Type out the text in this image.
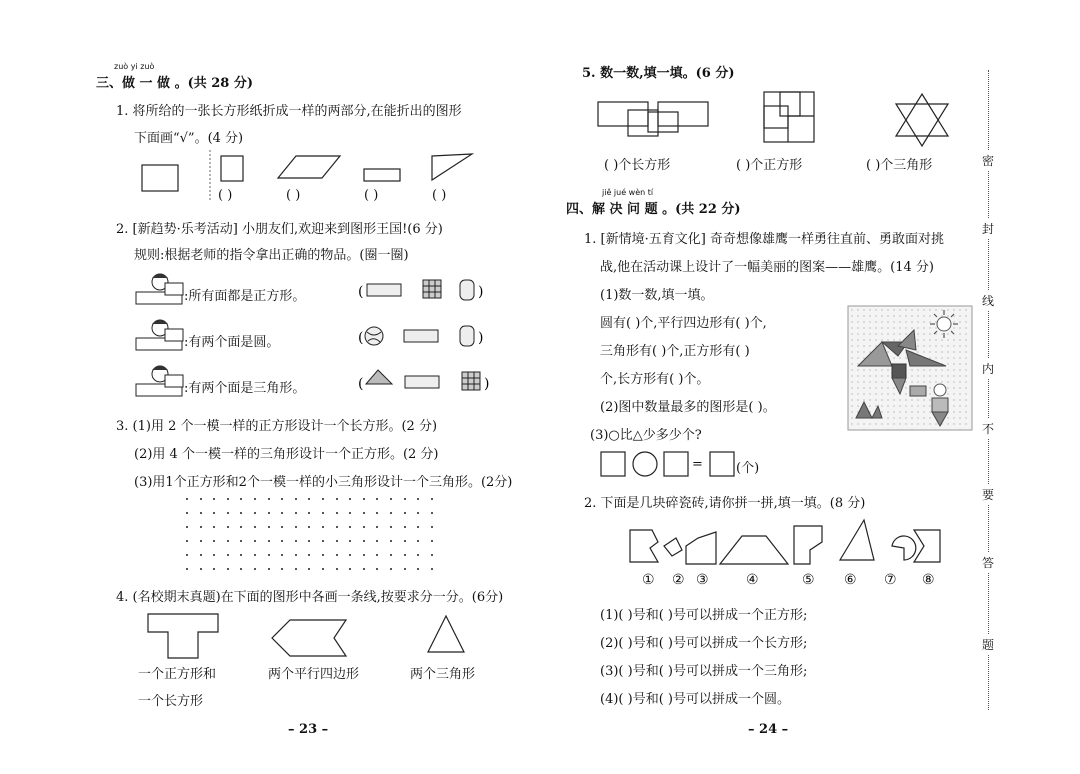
zuò yi zuò
三、做 一 做 。(共 28 分)
1. 将所给的一张长方形纸折成一样的两部分,在能折出的图形
下面画“√”。(4 分)
( )	( )	( )	( )
2. [新趋势·乐考活动] 小朋友们,欢迎来到图形王国!(6 分)
规则:根据老师的指令拿出正确的物品。(圈一圈)
(	)
(	)
(	)
:所有面都是正方形。
:有两个面是圆。
:有两个面是三角形。
3. (1)用 2 个一模一样的正方形设计一个长方形。(2 分)
(2)用 4 个一模一样的三角形设计一个正方形。(2 分)
(3)用1个正方形和2个一模一样的小三角形设计一个三角形。(2分)
4. (名校期末真题)在下面的图形中各画一条线,按要求分一分。(6分)
一个正方形和
一个长方形
两个平行四边形	两个三角形
– 23 –
5. 数一数,填一填。(6 分)
( )个长方形	( )个正方形	( )个三角形
jiě jué wèn tí
四、解 决 问 题 。(共 22 分)
1. [新情境·五育文化] 奇奇想像雄鹰一样勇往直前、勇敢面对挑
战,他在活动课上设计了一幅美丽的图案——雄鹰。(14 分)
(1)数一数,填一填。
圆有( )个,平行四边形有( )个,
三角形有( )个,正方形有( )
个,长方形有( )个。
(2)图中数量最多的图形是( )。
(3)○比△少多少个?
=	(个)
2. 下面是几块碎瓷砖,请你拼一拼,填一填。(8 分)
① ② ③	④	⑤ ⑥ ⑦ ⑧
(1)( )号和( )号可以拼成一个正方形;
(2)( )号和( )号可以拼成一个长方形;
(3)( )号和( )号可以拼成一个三角形;
(4)( )号和( )号可以拼成一个圆。
– 24 –
密
封
线
内
不
要
答
题
